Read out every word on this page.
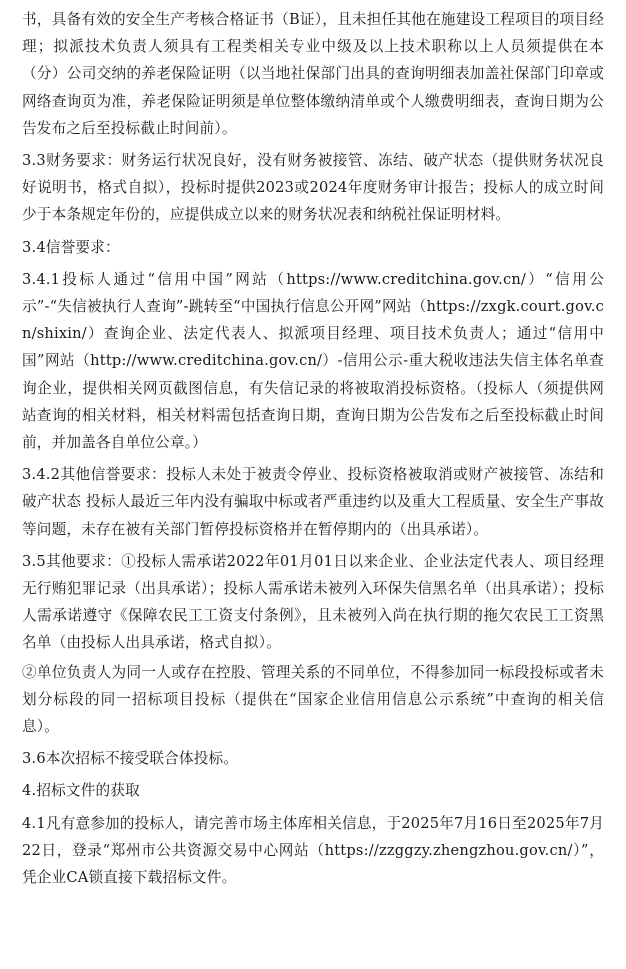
书，具备有效的安全生产考核合格证书（B证），且未担任其他在施建设工程项目的项目经理；拟派技术负责人须具有工程类相关专业中级及以上技术职称以上人员须提供在本（分）公司交纳的养老保险证明（以当地社保部门出具的查询明细表加盖社保部门印章或网络查询页为准，养老保险证明须是单位整体缴纳清单或个人缴费明细表，查询日期为公告发布之后至投标截止时间前）。

3.3财务要求：财务运行状况良好，没有财务被接管、冻结、破产状态（提供财务状况良好说明书，格式自拟），投标时提供2023或2024年度财务审计报告；投标人的成立时间少于本条规定年份的，应提供成立以来的财务状况表和纳税社保证明材料。

3.4信誉要求：

3.4.1投标人通过“信用中国”网站（https://www.creditchina.gov.cn/）“信用公示”-“失信被执行人查询”-跳转至“中国执行信息公开网”网站（https://zxgk.court.gov.cn/shixin/）查询企业、法定代表人、拟派项目经理、项目技术负责人；通过“信用中国”网站（http://www.creditchina.gov.cn/）-信用公示-重大税收违法失信主体名单查询企业，提供相关网页截图信息，有失信记录的将被取消投标资格。（投标人（须提供网站查询的相关材料，相关材料需包括查询日期，查询日期为公告发布之后至投标截止时间前，并加盖各自单位公章。）

3.4.2其他信誉要求：投标人未处于被责令停业、投标资格被取消或财产被接管、冻结和破产状态 投标人最近三年内没有骗取中标或者严重违约以及重大工程质量、安全生产事故等问题，未存在被有关部门暂停投标资格并在暂停期内的（出具承诺）。

3.5其他要求：①投标人需承诺2022年01月01日以来企业、企业法定代表人、项目经理无行贿犯罪记录（出具承诺）；投标人需承诺未被列入环保失信黑名单（出具承诺）；投标人需承诺遵守《保障农民工工资支付条例》，且未被列入尚在执行期的拖欠农民工工资黑名单（由投标人出具承诺，格式自拟）。

②单位负责人为同一人或存在控股、管理关系的不同单位，不得参加同一标段投标或者未划分标段的同一招标项目投标（提供在“国家企业信用信息公示系统”中查询的相关信息）。

3.6本次招标不接受联合体投标。

4.招标文件的获取

4.1凡有意参加的投标人，请完善市场主体库相关信息，于2025年7月16日至2025年7月22日，登录“郑州市公共资源交易中心网站（https://zzggzy.zhengzhou.gov.cn/）”，凭企业CA锁直接下载招标文件。
